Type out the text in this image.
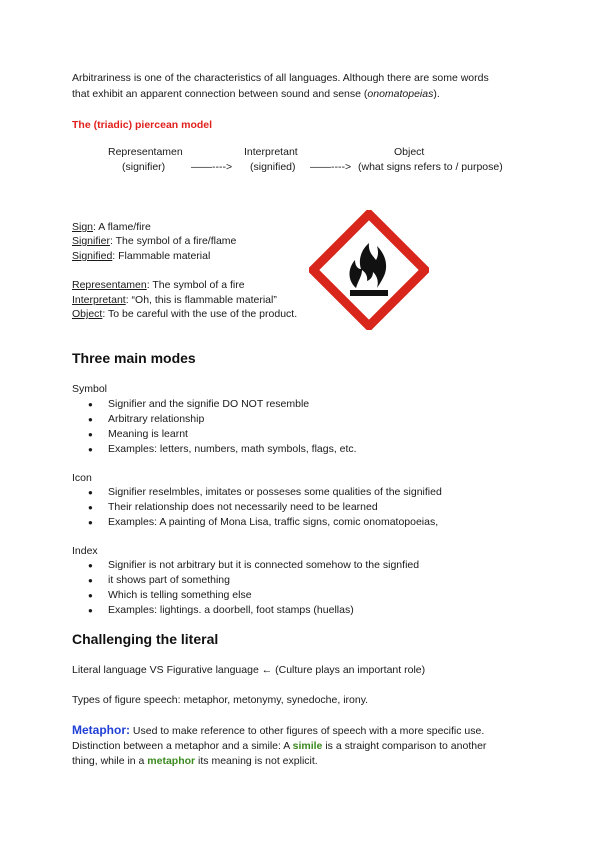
Arbitrariness is one of the characteristics of all languages. Although there are some words

that exhibit an apparent connection between sound and sense (onomatopeias).

The (triadic) piercean model

Representamen	Interpretant	Object
(signifier) ——----> (signified) ——----> (what signs refers to / purpose)

Sign: A flame/fire

Signifier: The symbol of a fire/flame

Signified: Flammable material

Representamen: The symbol of a fire

Interpretant: “Oh, this is flammable material”

Object: To be careful with the use of the product.

Three main modes

Symbol

● Signifier and the signifie DO NOT resemble
● Arbitrary relationship
● Meaning is learnt
● Examples: letters, numbers, math symbols, flags, etc.

Icon

● Signifier reselmbles, imitates or posseses some qualities of the signified
● Their relationship does not necessarily need to be learned
● Examples: A painting of Mona Lisa, traffic signs, comic onomatopoeias,

Index

● Signifier is not arbitrary but it is connected somehow to the signfied
● it shows part of something
● Which is telling something else
● Examples: lightings. a doorbell, foot stamps (huellas)

Challenging the literal

Literal language VS Figurative language ← (Culture plays an important role)

Types of figure speech: metaphor, metonymy, synedoche, irony.

Metaphor: Used to make reference to other figures of speech with a more specific use.

Distinction between a metaphor and a simile: A simile is a straight comparison to another

thing, while in a metaphor its meaning is not explicit.
